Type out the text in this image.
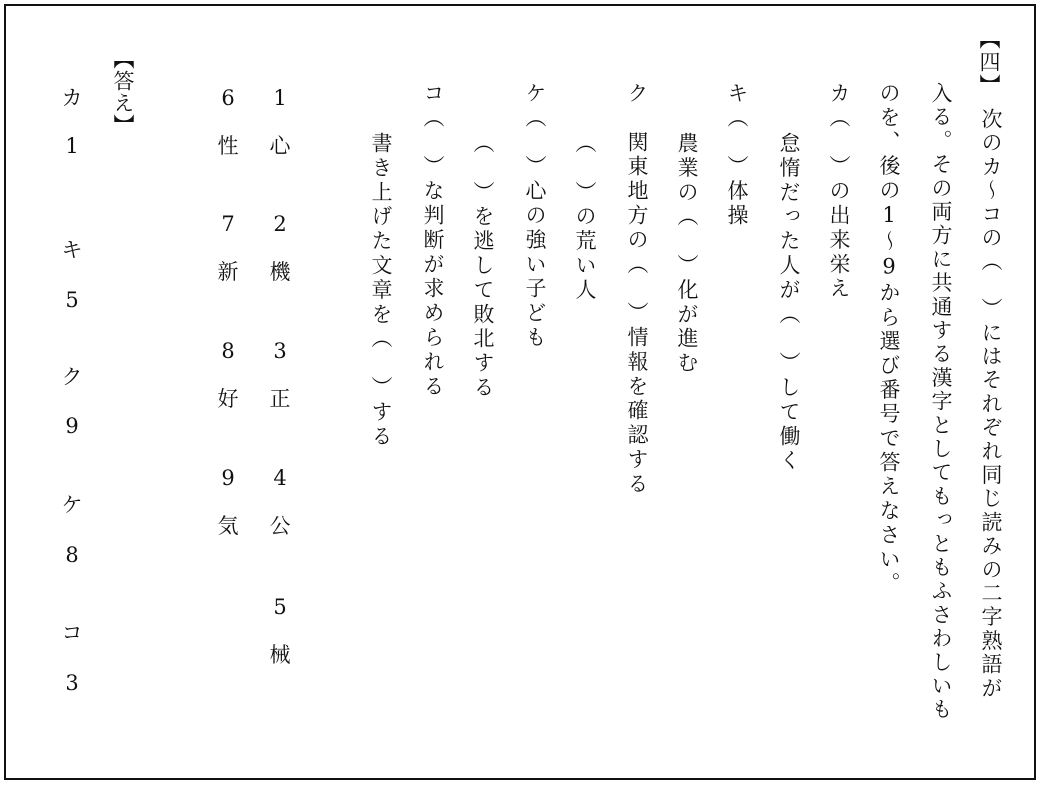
【四】

次のカ〜コの（　）にはそれぞれ同じ読みの二字熟語が

入る。その両方に共通する漢字としてもっともふさわしいも

のを、後の1〜9から選び番号で答えなさい。

カ（　）の出来栄え

怠惰だった人が（　）して働く

キ（　）体操

農業の（　）化が進む

ク　関東地方の（　）情報を確認する

（　）の荒い人

ケ（　）心の強い子ども

（　）を逃して敗北する

コ（　）な判断が求められる

書き上げた文章を（　）する

1
心
2
機
3
正
4
公
5
械
6
性
7
新
8
好
9
気
【答え】
カ
1
キ
5
ク
9
ケ
8
コ
3
